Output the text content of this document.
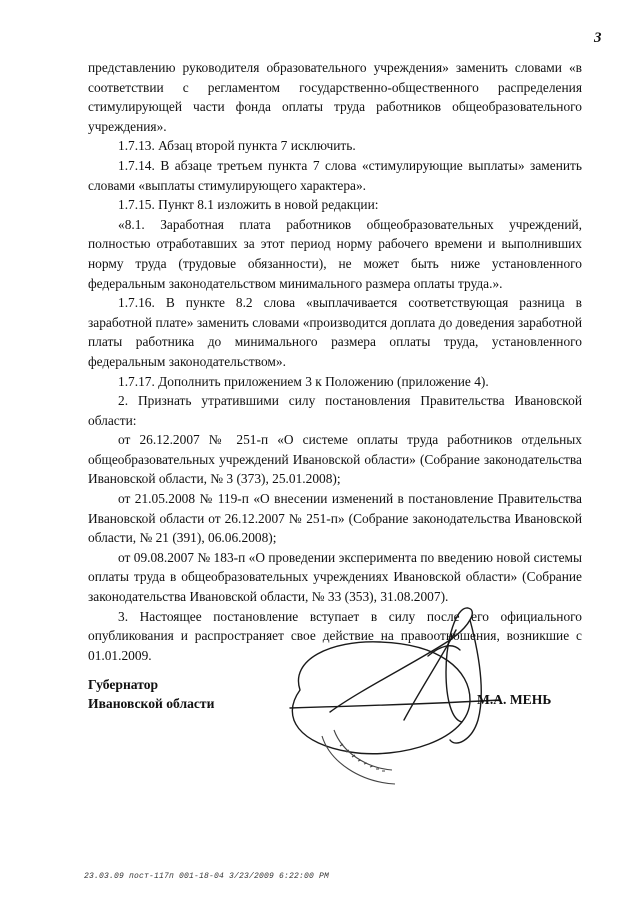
3

представлению руководителя образовательного учреждения» заменить словами «в соответствии с регламентом государственно-общественного распределения стимулирующей части фонда оплаты труда работников общеобразовательного учреждения».

1.7.13. Абзац второй пункта 7 исключить.

1.7.14. В абзаце третьем пункта 7 слова «стимулирующие выплаты» заменить словами «выплаты стимулирующего характера».

1.7.15. Пункт 8.1 изложить в новой редакции:

«8.1. Заработная плата работников общеобразовательных учреждений, полностью отработавших за этот период норму рабочего времени и выполнивших норму труда (трудовые обязанности), не может быть ниже установленного федеральным законодательством минимального размера оплаты труда.».

1.7.16. В пункте 8.2 слова «выплачивается соответствующая разница в заработной плате» заменить словами «производится доплата до доведения заработной платы работника до минимального размера оплаты труда, установленного федеральным законодательством».

1.7.17. Дополнить приложением 3 к Положению (приложение 4).

2. Признать утратившими силу постановления Правительства Ивановской области:

от 26.12.2007 № 251-п «О системе оплаты труда работников отдельных общеобразовательных учреждений Ивановской области» (Собрание законодательства Ивановской области, № 3 (373), 25.01.2008);

от 21.05.2008 № 119-п «О внесении изменений в постановление Правительства Ивановской области от 26.12.2007 № 251-п» (Собрание законодательства Ивановской области, № 21 (391), 06.06.2008);

от 09.08.2007 № 183-п «О проведении эксперимента по введению новой системы оплаты труда в общеобразовательных учреждениях Ивановской области» (Собрание законодательства Ивановской области, № 33 (353), 31.08.2007).

3. Настоящее постановление вступает в силу после его официального опубликования и распространяет свое действие на правоотношения, возникшие с 01.01.2009.

Губернатор
Ивановской области	М.А. МЕНЬ
23.03.09 пост-117п 001-18-04 3/23/2009 6:22:00 PM
